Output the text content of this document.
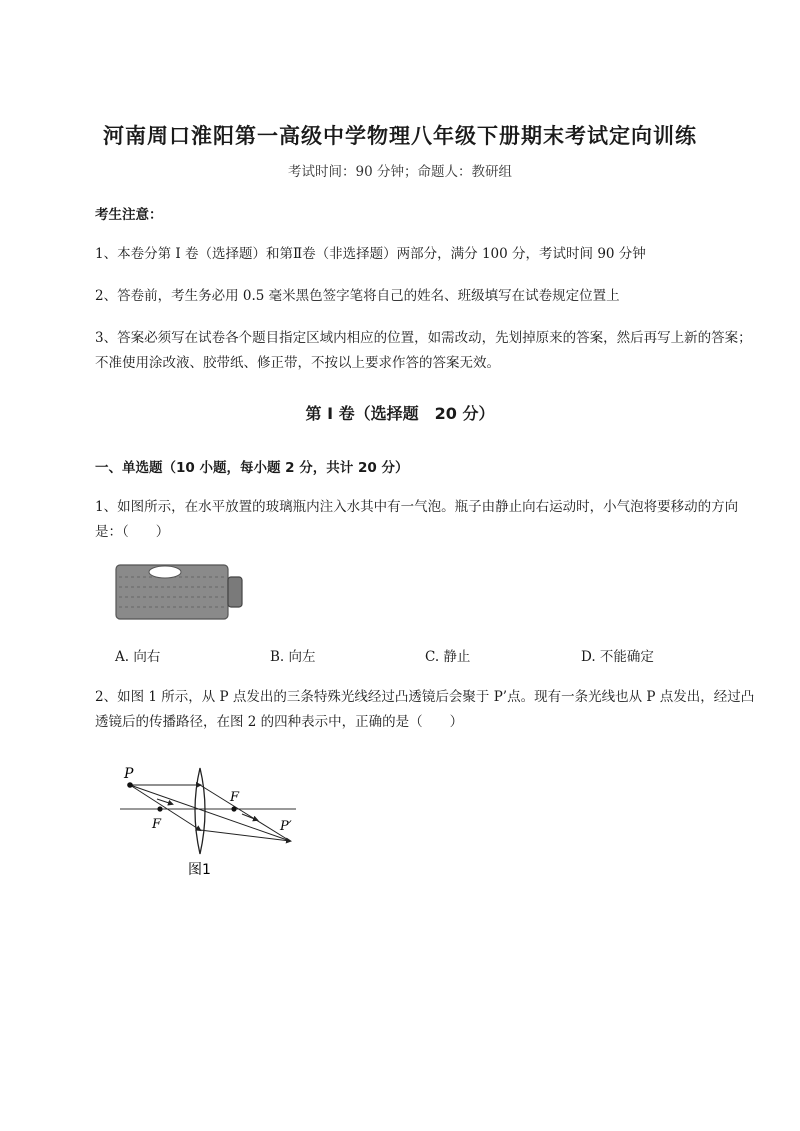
河南周口淮阳第一高级中学物理八年级下册期末考试定向训练
考试时间：90 分钟；命题人：教研组
考生注意：
1、本卷分第 I 卷（选择题）和第Ⅱ卷（非选择题）两部分，满分 100 分，考试时间 90 分钟
2、答卷前，考生务必用 0.5 毫米黑色签字笔将自己的姓名、班级填写在试卷规定位置上
3、答案必须写在试卷各个题目指定区域内相应的位置，如需改动，先划掉原来的答案，然后再写上新的答案；不准使用涂改液、胶带纸、修正带，不按以上要求作答的答案无效。
第 I 卷（选择题　20 分）
一、单选题（10 小题，每小题 2 分，共计 20 分）
1、如图所示，在水平放置的玻璃瓶内注入水其中有一气泡。瓶子由静止向右运动时，小气泡将要移动的方向是：（　　）
A. 向右	B. 向左	C. 静止	D. 不能确定
2、如图 1 所示，从 P 点发出的三条特殊光线经过凸透镜后会聚于 P’点。现有一条光线也从 P 点发出，经过凸透镜后的传播路径，在图 2 的四种表示中，正确的是（　　）
P
F
F
P′
图1
